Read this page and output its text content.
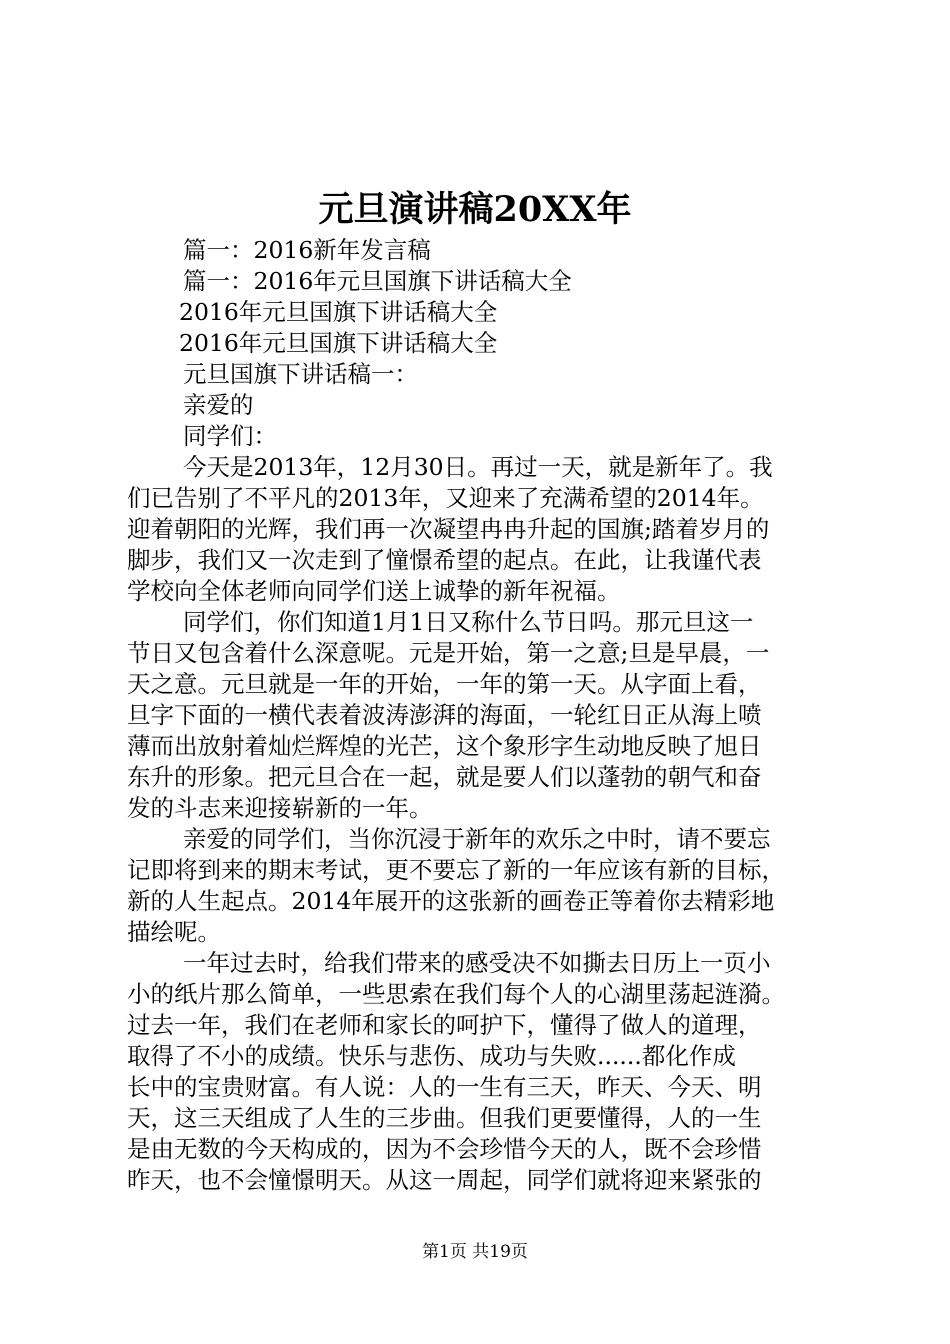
元旦演讲稿20XX年
篇一：2016新年发言稿
篇一：2016年元旦国旗下讲话稿大全
2016年元旦国旗下讲话稿大全
2016年元旦国旗下讲话稿大全
元旦国旗下讲话稿一：
亲爱的
同学们：
今天是2013年，12月30日。再过一天，就是新年了。我
们已告别了不平凡的2013年，又迎来了充满希望的2014年。
迎着朝阳的光辉，我们再一次凝望冉冉升起的国旗;踏着岁月的
脚步，我们又一次走到了憧憬希望的起点。在此，让我谨代表
学校向全体老师向同学们送上诚挚的新年祝福。
同学们，你们知道1月1日又称什么节日吗。那元旦这一
节日又包含着什么深意呢。元是开始，第一之意;旦是早晨，一
天之意。元旦就是一年的开始，一年的第一天。从字面上看，
旦字下面的一横代表着波涛澎湃的海面，一轮红日正从海上喷
薄而出放射着灿烂辉煌的光芒，这个象形字生动地反映了旭日
东升的形象。把元旦合在一起，就是要人们以蓬勃的朝气和奋
发的斗志来迎接崭新的一年。
亲爱的同学们，当你沉浸于新年的欢乐之中时，请不要忘
记即将到来的期末考试，更不要忘了新的一年应该有新的目标，
新的人生起点。2014年展开的这张新的画卷正等着你去精彩地
描绘呢。
一年过去时，给我们带来的感受决不如撕去日历上一页小
小的纸片那么简单，一些思索在我们每个人的心湖里荡起涟漪。
过去一年，我们在老师和家长的呵护下，懂得了做人的道理，
取得了不小的成绩。快乐与悲伤、成功与失败......都化作成
长中的宝贵财富。有人说：人的一生有三天，昨天、今天、明
天，这三天组成了人生的三步曲。但我们更要懂得，人的一生
是由无数的今天构成的，因为不会珍惜今天的人，既不会珍惜
昨天，也不会憧憬明天。从这一周起，同学们就将迎来紧张的
第1页 共19页
